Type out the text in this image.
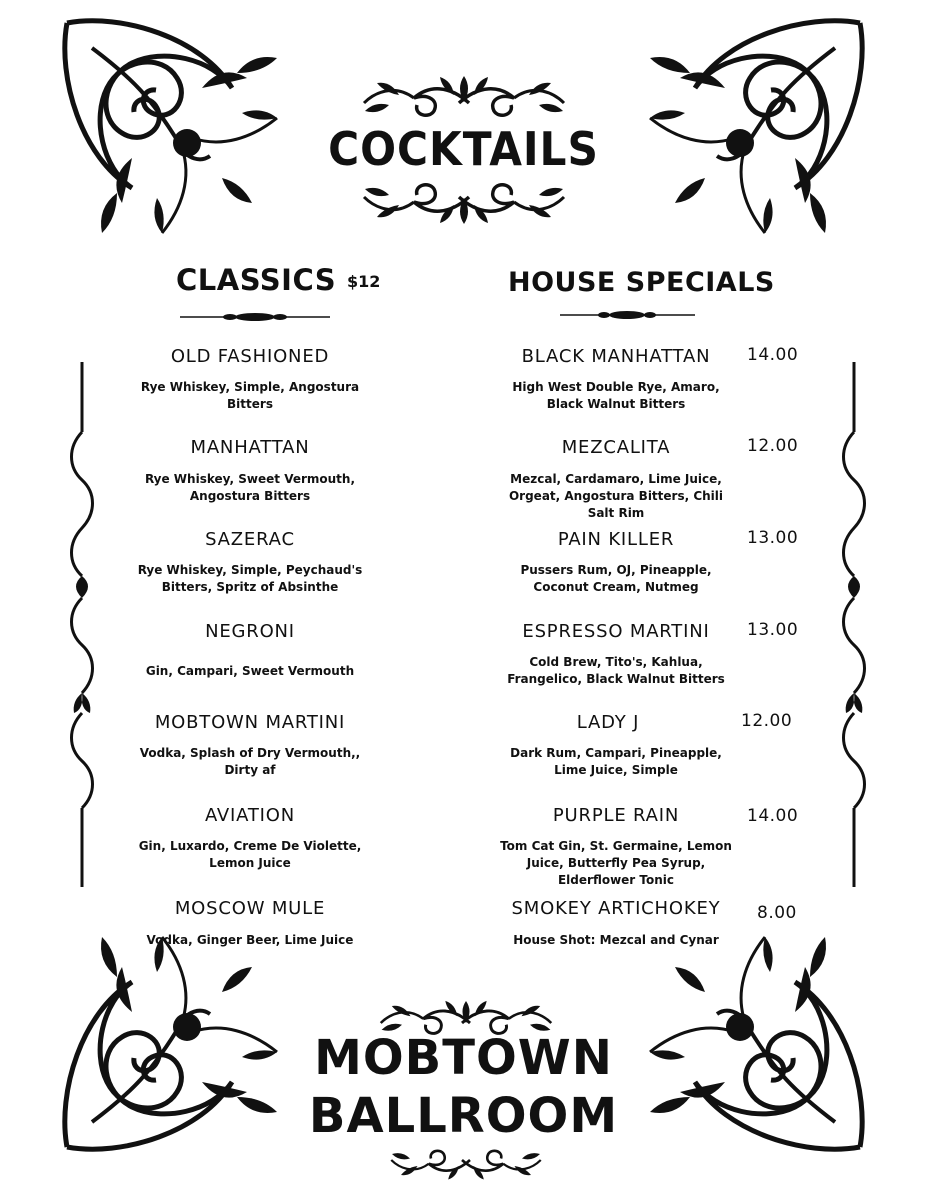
COCKTAILS
CLASSICS $12	HOUSE SPECIALS
OLD FASHIONED
Rye Whiskey, Simple, Angostura Bitters
MANHATTAN
Rye Whiskey, Sweet Vermouth, Angostura Bitters
SAZERAC
Rye Whiskey, Simple, Peychaud's Bitters, Spritz of Absinthe
NEGRONI
Gin, Campari, Sweet Vermouth
MOBTOWN MARTINI
Vodka, Splash of Dry Vermouth,, Dirty af
AVIATION
Gin, Luxardo, Creme De Violette, Lemon Juice
MOSCOW MULE
Vodka, Ginger Beer, Lime Juice
BLACK MANHATTAN	14.00
High West Double Rye, Amaro, Black Walnut Bitters
MEZCALITA	12.00
Mezcal, Cardamaro, Lime Juice, Orgeat, Angostura Bitters, Chili Salt Rim
PAIN KILLER	13.00
Pussers Rum, OJ, Pineapple, Coconut Cream, Nutmeg
ESPRESSO MARTINI	13.00
Cold Brew, Tito's, Kahlua, Frangelico, Black Walnut Bitters
LADY J	12.00
Dark Rum, Campari, Pineapple, Lime Juice, Simple
PURPLE RAIN	14.00
Tom Cat Gin, St. Germaine, Lemon Juice, Butterfly Pea Syrup, Elderflower Tonic
SMOKEY ARTICHOKEY	8.00
House Shot: Mezcal and Cynar
MOBTOWN
BALLROOM
